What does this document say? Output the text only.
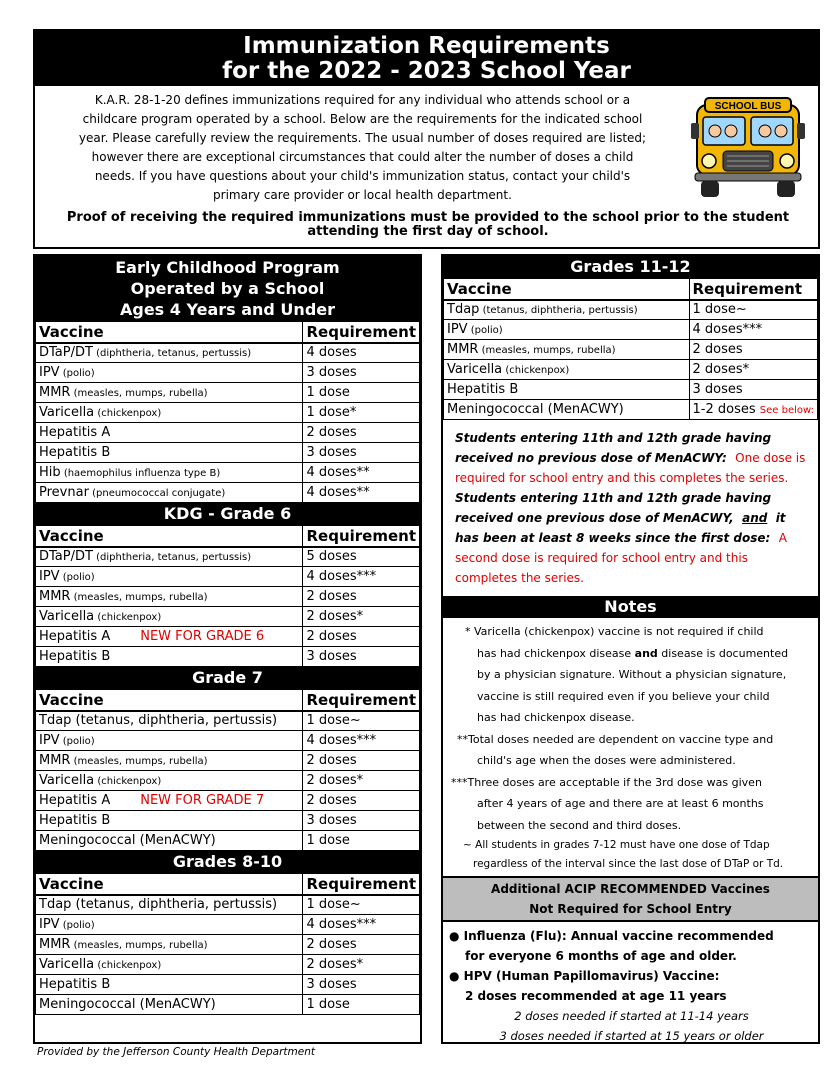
Immunization Requirements
for the 2022 - 2023 School Year
K.A.R. 28-1-20 defines immunizations required for any individual who attends school or a childcare program operated by a school. Below are the requirements for the indicated school year. Please carefully review the requirements. The usual number of doses required are listed; however there are exceptional circumstances that could alter the number of doses a child needs. If you have questions about your child's immunization status, contact your child's primary care provider or local health department.
Proof of receiving the required immunizations must be provided to the school prior to the student attending the first day of school.
SCHOOL BUS
Early Childhood Program
Operated by a School
Ages 4 Years and Under
Vaccine	Requirement
DTaP/DT (diphtheria, tetanus, pertussis)	4 doses
IPV (polio)	3 doses
MMR (measles, mumps, rubella)	1 dose
Varicella (chickenpox)	1 dose*
Hepatitis A	2 doses
Hepatitis B	3 doses
Hib (haemophilus influenza type B)	4 doses**
Prevnar (pneumococcal conjugate)	4 doses**
KDG - Grade 6
Vaccine	Requirement
DTaP/DT (diphtheria, tetanus, pertussis)	5 doses
IPV (polio)	4 doses***
MMR (measles, mumps, rubella)	2 doses
Varicella (chickenpox)	2 doses*
Hepatitis A NEW FOR GRADE 6	2 doses
Hepatitis B	3 doses
Grade 7
Vaccine	Requirement
Tdap (tetanus, diphtheria, pertussis)	1 dose~
IPV (polio)	4 doses***
MMR (measles, mumps, rubella)	2 doses
Varicella (chickenpox)	2 doses*
Hepatitis A NEW FOR GRADE 7	2 doses
Hepatitis B	3 doses
Meningococcal (MenACWY)	1 dose
Grades 8-10
Vaccine	Requirement
Tdap (tetanus, diphtheria, pertussis)	1 dose~
IPV (polio)	4 doses***
MMR (measles, mumps, rubella)	2 doses
Varicella (chickenpox)	2 doses*
Hepatitis B	3 doses
Meningococcal (MenACWY)	1 dose
Grades 11-12
Vaccine	Requirement
Tdap (tetanus, diphtheria, pertussis)	1 dose~
IPV (polio)	4 doses***
MMR (measles, mumps, rubella)	2 doses
Varicella (chickenpox)	2 doses*
Hepatitis B	3 doses
Meningococcal (MenACWY)	1-2 doses See below:
Students entering 11th and 12th grade having received no previous dose of MenACWY: One dose is required for school entry and this completes the series.
Students entering 11th and 12th grade having received one previous dose of MenACWY, and it has been at least 8 weeks since the first dose: A second dose is required for school entry and this completes the series.
Notes
* Varicella (chickenpox) vaccine is not required if child
has had chickenpox disease and disease is documented
by a physician signature. Without a physician signature,
vaccine is still required even if you believe your child
has had chickenpox disease.
**Total doses needed are dependent on vaccine type and
child's age when the doses were administered.
***Three doses are acceptable if the 3rd dose was given
after 4 years of age and there are at least 6 months
between the second and third doses.
~ All students in grades 7-12 must have one dose of Tdap
regardless of the interval since the last dose of DTaP or Td.
Additional ACIP RECOMMENDED Vaccines
Not Required for School Entry
● Influenza (Flu): Annual vaccine recommended
for everyone 6 months of age and older.
● HPV (Human Papillomavirus) Vaccine:
2 doses recommended at age 11 years
2 doses needed if started at 11-14 years
3 doses needed if started at 15 years or older
Provided by the Jefferson County Health Department
